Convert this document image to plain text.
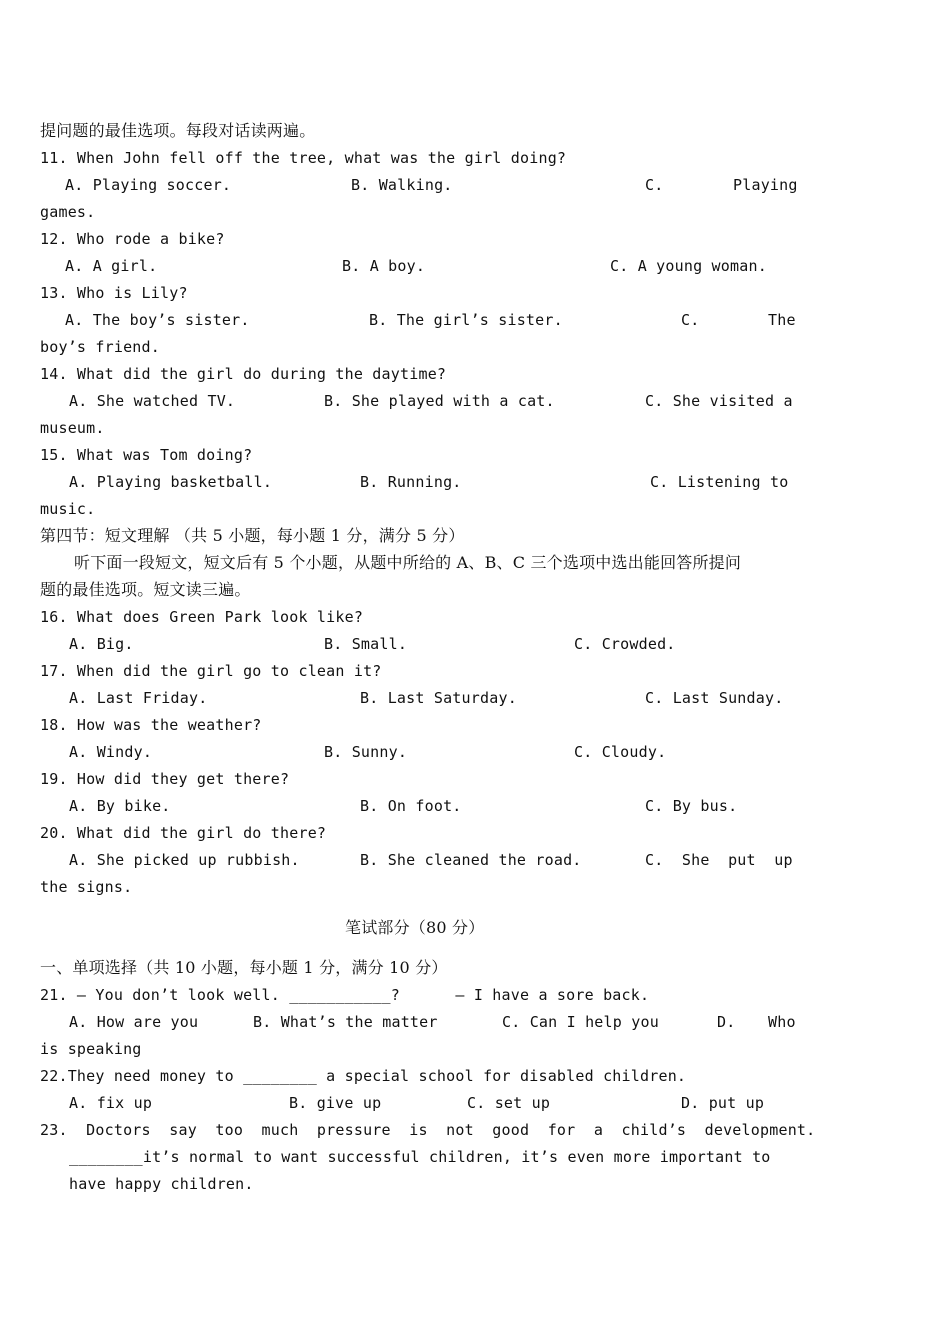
提问题的最佳选项。每段对话读两遍。
11. When John fell off the tree, what was the girl doing?
A. Playing soccer.	B. Walking.	C.	Playing
games.
12. Who rode a bike?
A. A girl.	B. A boy.	C. A young woman.
13. Who is Lily?
A. The boy’s sister.	B. The girl’s sister.	C.	The
boy’s friend.
14. What did the girl do during the daytime?
A. She watched TV.	B. She played with a cat.	C. She visited a
museum.
15. What was Tom doing?
A. Playing basketball.	B. Running.	C. Listening to
music.
第四节：短文理解 （共 5 小题，每小题 1 分，满分 5 分）
听下面一段短文，短文后有 5 个小题，从题中所给的 A、B、C 三个选项中选出能回答所提问
题的最佳选项。短文读三遍。
16. What does Green Park look like?
A. Big.	B. Small.	C. Crowded.
17. When did the girl go to clean it?
A. Last Friday.	B. Last Saturday.	C. Last Sunday.
18. How was the weather?
A. Windy.	B. Sunny.	C. Cloudy.
19. How did they get there?
A. By bike.	B. On foot.	C. By bus.
20. What did the girl do there?
A. She picked up rubbish.	B. She cleaned the road.	C.  She  put  up
the signs.
笔试部分（80 分）
一、单项选择（共 10 小题，每小题 1 分，满分 10 分）
21. — You don’t look well. ___________?      — I have a sore back.
A. How are you	B. What’s the matter	C. Can I help you	D. Who
is speaking
22.They need money to ________ a special school for disabled children.
A. fix up	B. give up	C. set up	D. put up
23.  Doctors  say  too  much  pressure  is  not  good  for  a  child’s  development.
________it’s normal to want successful children, it’s even more important to
have happy children.
